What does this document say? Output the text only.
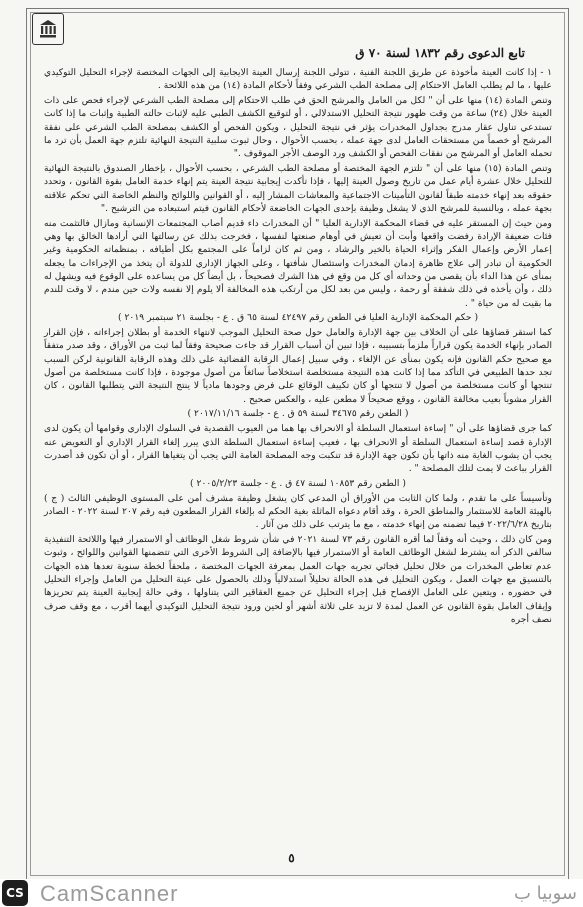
تابع الدعوى رقم ١٨٣٢ لسنة ٧٠ ق

١ - إذا كانت العينة مأخوذة عن طريق اللجنة الفنية ، تتولى اللجنة إرسال العينة الايجابية إلى الجهات المختصة لإجراء التحليل التوكيدي عليها ، ما لم يطلب العامل الاحتكام إلى مصلحة الطب الشرعي وفقاً لأحكام المادة (١٤) من هذه اللائحة .

وتنص المادة (١٤) منها على أن " لكل من العامل والمرشح الحق في طلب الاحتكام إلى مصلحة الطب الشرعي لإجراء فحص على ذات العينة خلال (٢٤) ساعة من وقت ظهور نتيجة التحليل الاستدلالي ، أو لتوقيع الكشف الطبي عليه لإثبات حالته الطبية وإثبات ما إذا كانت تستدعي تناول عقار مدرج بجداول المخدرات يؤثر في نتيجة التحليل ، ويكون الفحص أو الكشف بمصلحة الطب الشرعي على نفقة المرشح أو خصماً من مستحقات العامل لدى جهة عمله ، بحسب الأحوال ، وحال ثبوت سلبية النتيجة النهائية تلتزم جهة العمل بأن ترد ما تحمله العامل أو المرشح من نفقات الفحص أو الكشف ورد الوصف الأجر الموقوف ."

وتنص المادة (١٥) منها على أن " تلتزم الجهة المختصة أو مصلحة الطب الشرعي ، بحسب الأحوال ، بإخطار الصندوق بالنتيجة النهائية للتحليل خلال عشرة أيام عمل من تاريخ وصول العينة إليها ، فإذا تأكدت إيجابية نتيجة العينة يتم إنهاء خدمة العامل بقوة القانون ، وتحدد حقوقه بعد إنهاء خدمته طبقاً لقانون التأمينات الاجتماعية والمعاشات المشار إليه ، أو القوانين واللوائح والنظم الخاصة التي تحكم علاقته بجهة عمله ، وبالنسبة للمرشح الذي لا يشغل وظيفة بإحدى الجهات الخاضعة لأحكام القانون فيتم استبعاده من الترشيح ."

ومن حيث إن المستقر عليه في قضاء المحكمة الإدارية العليا " أن المخدرات داء قديم أصاب المجتمعات الإنسانية ومازال فالتثمت منه فئات ضعيفة الإرادة رفضت واقعها وأبت أن تعيش في أوهام صنعتها لنفسها ، فخرجت بذلك عن رسالتها التي أرادها الخالق بها وهي إعمار الأرض وإعمال الفكر وإثراء الحياة بالخير والرشاد ، ومن ثم كان لزاماً على المجتمع بكل أطيافه ، بمنظماته الحكومية وغير الحكومية أن تبادر إلى علاج ظاهرة إدمان المخدرات واستئصال شأفتها ، وعلى الجهاز الإداري للدولة أن يتخذ من الإجراءات ما يجعله بمنأى عن هذا الداء بأن يقصى من وحداته أي كل من وقع في هذا الشرك فصحيحاً ، بل أيضاً كل من يساعده على الوقوع فيه ويشهل له ذلك ، وأن يأخذه في ذلك شفقة أو رحمة ، وليس من بعد لكل من أرتكب هذه المخالفة ألا يلوم إلا نفسه ولات حين مندم ، لا وقت للندم ما بقيت له من حياة " .

( حكم المحكمة الإدارية العليا في الطعن رقم ٤٢٤٩٧ لسنة ٦٥ ق . ع - بجلسة ٢١ سبتمبر ٢٠١٩ )

كما استقر قضاؤها على أن الخلاف بين جهة الإدارة والعامل حول صحة التحليل الموجب لانتهاء الخدمة أو بطلان إجراءاته ، فإن القرار الصادر بإنهاء الخدمة يكون قراراً ملزماً بتسبيبه ، فإذا تبين أن أسباب القرار قد جاءت صحيحة وفقاً لما ثبت من الأوراق ، وقد صدر متفقاً مع صحيح حكم القانون فإنه يكون بمنأى عن الإلغاء ، وفي سبيل إعمال الرقابة القضائية على ذلك وهذه الرقابة القانونية لركن السبب تجد حدها الطبيعي في التأكد مما إذا كانت هذه النتيجة مستخلصة استخلاصاً سائغاً من أصول موجودة ، فإذا كانت مستخلصة من أصول تنتجها أو كانت مستخلصة من أصول لا تنتجها أو كان تكييف الوقائع على فرض وجودها مادياً لا ينتج النتيجة التي يتطلبها القانون ، كان القرار مشوباً بعيب مخالفة القانون ، ووقع صحيحاً لا مطعن عليه ، والعكس صحيح .

( الطعن رقم ٣٤٦٧٥ لسنة ٥٩ ق . ع - جلسة ٢٠١٧/١١/١٦ )

كما جرى قضاؤها على أن " إساءة استعمال السلطة أو الانحراف بها هما من العيوب القصدية في السلوك الإداري وقوامها أن يكون لدى الإدارة قصد إساءة استعمال السلطة أو الانحراف بها ، فعيب إساءة استعمال السلطة الذي يبرر إلغاء القرار الإداري أو التعويض عنه يجب أن يشوب الغاية منه ذاتها بأن تكون جهة الإدارة قد تنكبت وجه المصلحة العامة التي يجب أن يتغياها القرار ، أو أن تكون قد أصدرت القرار بباعث لا يمت لتلك المصلحة " .

( الطعن رقم ١٠٨٥٣ لسنة ٤٧ ق . ع - جلسة ٢٠٠٥/٢/٢٣ )

وتأسيساً على ما تقدم ، ولما كان الثابت من الأوراق أن المدعي كان يشغل وظيفة مشرف أمن على المستوى الوظيفي الثالث ( ج ) بالهيئة العامة للاستثمار والمناطق الحرة ، وقد أقام دعواه الماثلة بغية الحكم له بإلغاء القرار المطعون فيه رقم ٢٠٧ لسنة ٢٠٢٢ - الصادر بتاريخ ٢٠٢٢/٦/٢٨ فيما تضمنه من إنهاء خدمته ، مع ما يترتب على ذلك من آثار .

ومن كان ذلك ، وحيث أنه وفقاً لما أقره القانون رقم ٧٣ لسنة ٢٠٢١ في شأن شروط شغل الوظائف أو الاستمرار فيها واللائحة التنفيذية سالفي الذكر أنه يشترط لشغل الوظائف العامة أو الاستمرار فيها بالإضافة إلى الشروط الأخرى التي تتضمنها القوانين واللوائح ، وثبوت عدم تعاطي المخدرات من خلال تحليل فجائي تجريه جهات العمل بمعرفة الجهات المختصة ، ملحقاً لخطة سنوية تعدها هذه الجهات بالتنسيق مع جهات العمل ، ويكون التحليل في هذه الحالة تحليلاً استدلالياً وذلك بالحصول على عينة التحليل من العامل وإجراء التحليل في حضوره ، ويتعين على العامل الإفصاح قبل إجراء التحليل عن جميع العقاقير التي يتناولها ، وفي حالة إيجابية العينة يتم تحريزها وإيقاف العامل بقوة القانون عن العمل لمدة لا تزيد على ثلاثة أشهر أو لحين ورود نتيجة التحليل التوكيدي أيهما أقرب ، مع وقف صرف نصف أجره

٥
CS CamScanner	سوبيا ب
